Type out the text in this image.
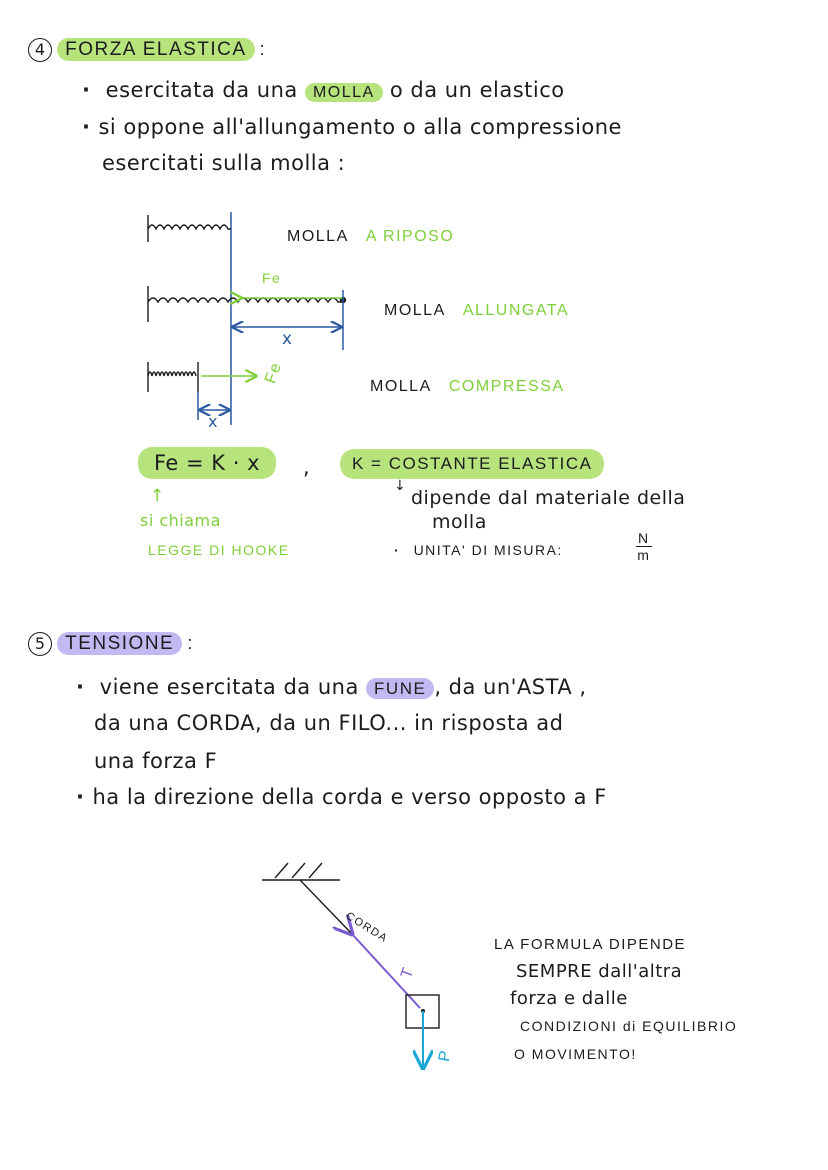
4 FORZA ELASTICA :
· esercitata da una MOLLA o da un elastico
· si oppone all'allungamento o alla compressione
esercitati sulla molla :
MOLLA A RIPOSO
Fe
MOLLA ALLUNGATA
x
Fe
MOLLA COMPRESSA
x
Fe = K · x	,	K = COSTANTE ELASTICA
↑
si chiama
LEGGE DI HOOKE
↓
dipende dal materiale della
molla
· UNITA' DI MISURA:	$\frac{N}{m}$
5 TENSIONE :
· viene esercitata da una FUNE , da un'ASTA ,
da una CORDA, da un FILO... in risposta ad
una forza F
· ha la direzione della corda e verso opposto a F
CORDA
T
P
LA FORMULA DIPENDE
SEMPRE dall'altra
forza e dalle
CONDIZIONI di EQUILIBRIO
O MOVIMENTO!
